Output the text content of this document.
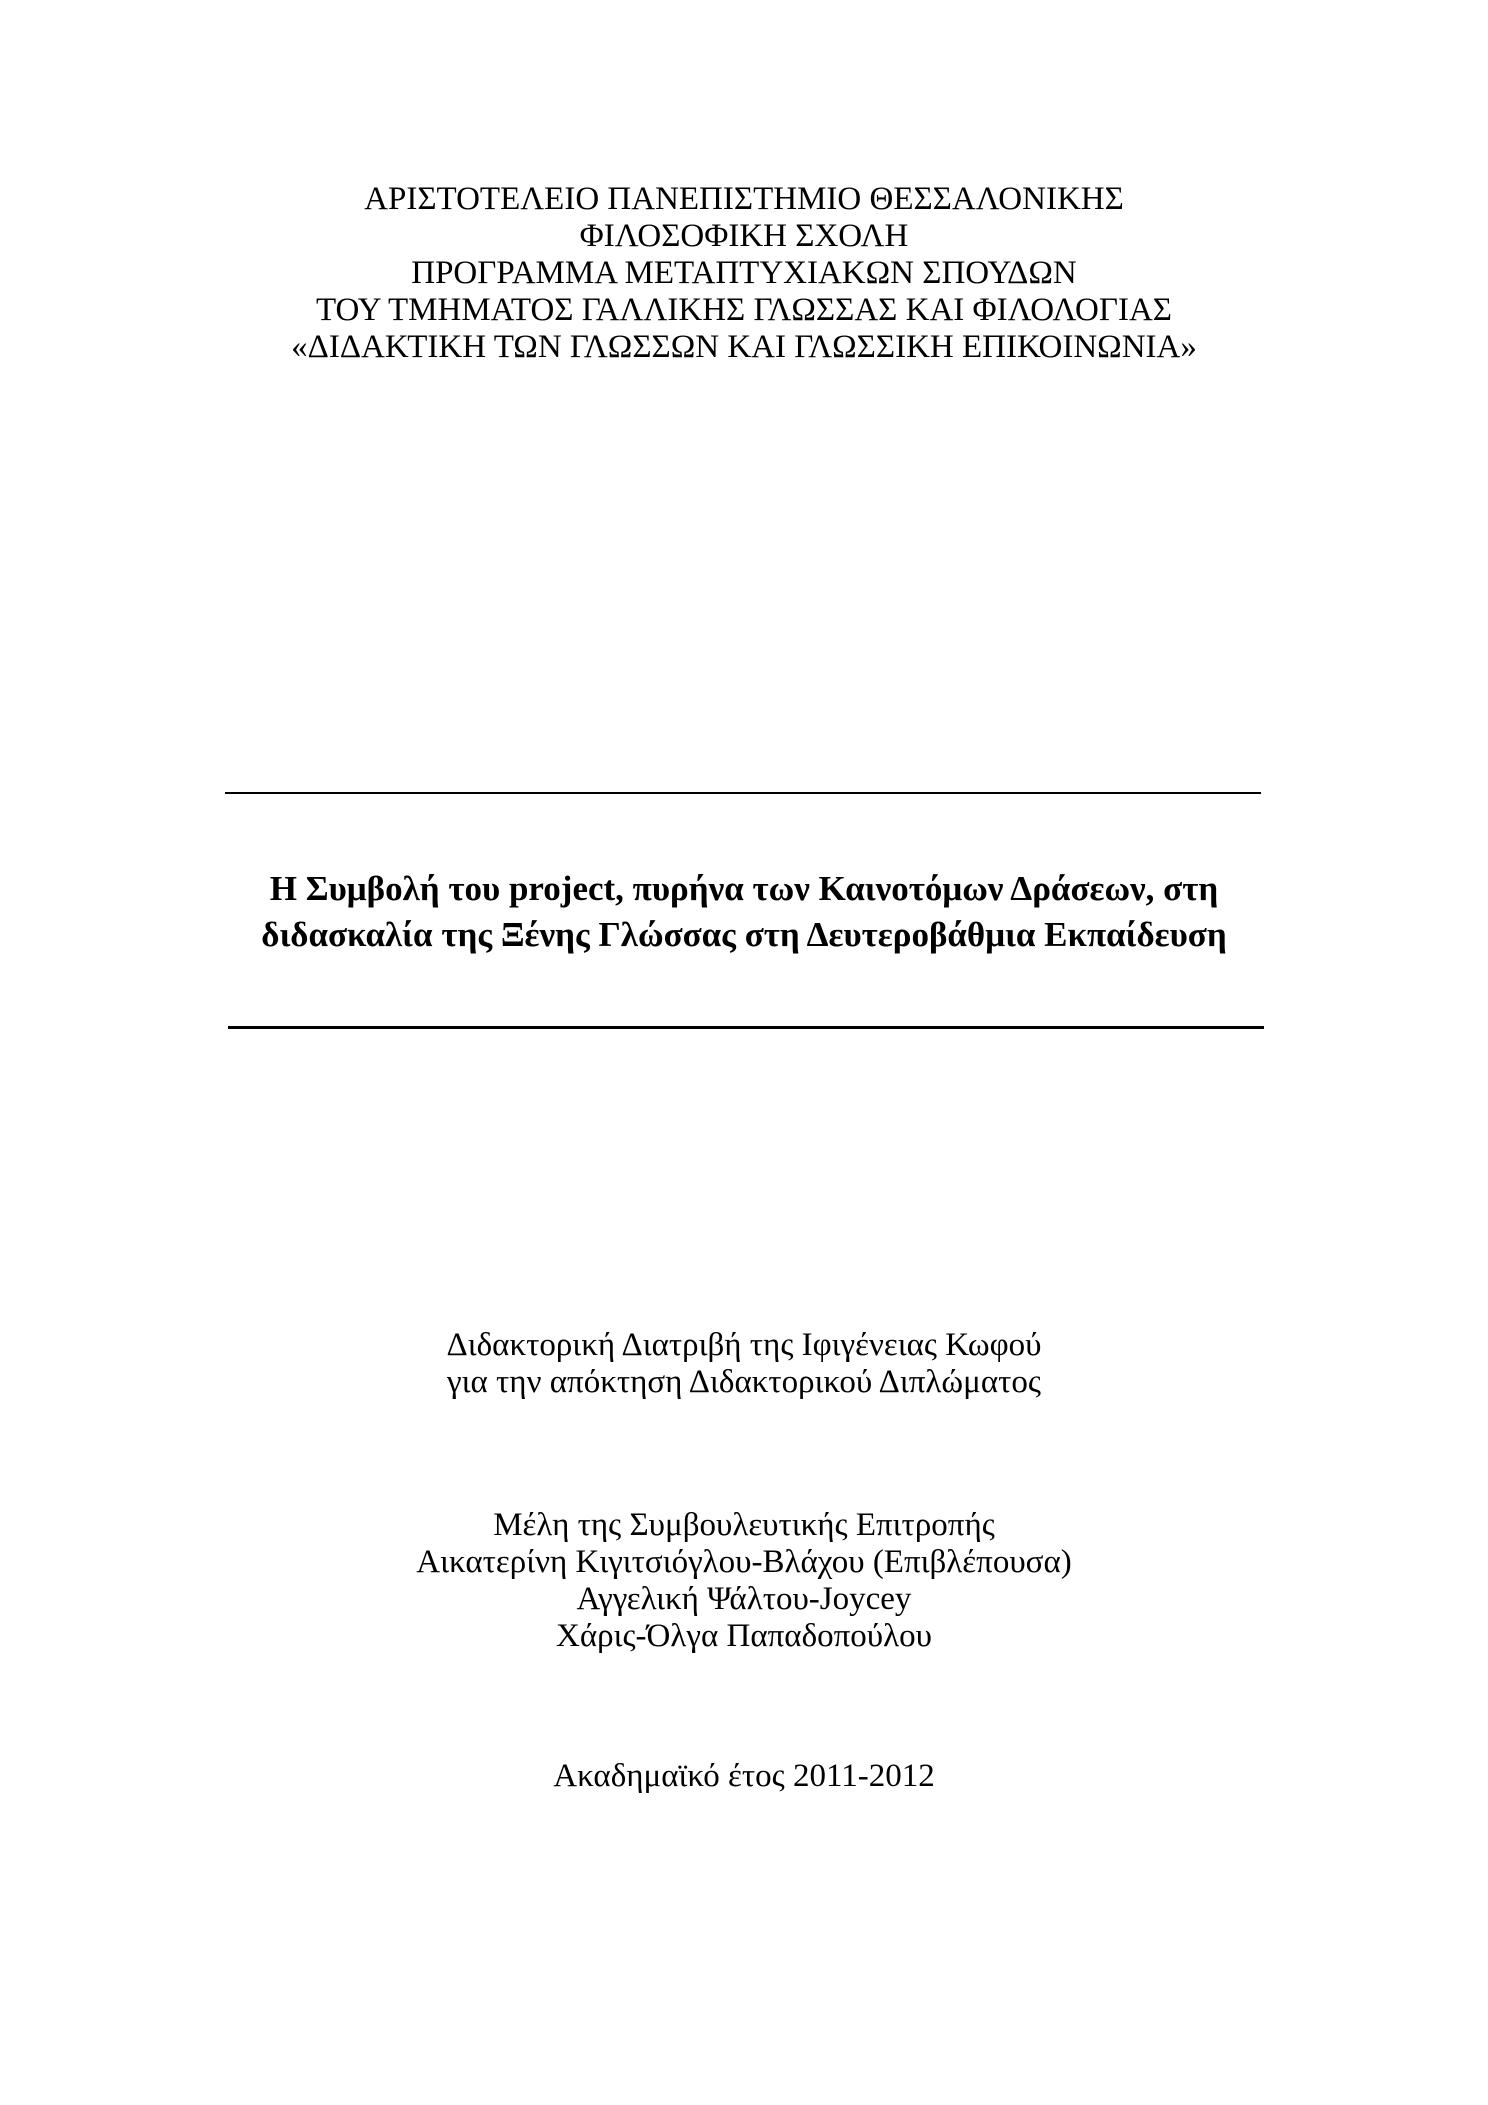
ΑΡΙΣΤΟΤΕΛΕΙΟ ΠΑΝΕΠΙΣΤΗΜΙΟ ΘΕΣΣΑΛΟΝΙΚΗΣ
ΦΙΛΟΣΟΦΙΚΗ ΣΧΟΛΗ
ΠΡΟΓΡΑΜΜΑ ΜΕΤΑΠΤΥΧΙΑΚΩΝ ΣΠΟΥΔΩΝ
ΤΟΥ ΤΜΗΜΑΤΟΣ ΓΑΛΛΙΚΗΣ ΓΛΩΣΣΑΣ ΚΑΙ ΦΙΛΟΛΟΓΙΑΣ
«ΔΙΔΑΚΤΙΚΗ ΤΩΝ ΓΛΩΣΣΩΝ ΚΑΙ ΓΛΩΣΣΙΚΗ ΕΠΙΚΟΙΝΩΝΙΑ»
Η Συμβολή του project, πυρήνα των Καινοτόμων Δράσεων, στη
διδασκαλία της Ξένης Γλώσσας στη Δευτεροβάθμια Εκπαίδευση
Διδακτορική Διατριβή της Ιφιγένειας Κωφού
για την απόκτηση Διδακτορικού Διπλώματος
Μέλη της Συμβουλευτικής Επιτροπής
Αικατερίνη Κιγιτσιόγλου-Βλάχου (Επιβλέπουσα)
Αγγελική Ψάλτου-Joycey
Χάρις-Όλγα Παπαδοπούλου
Ακαδημαϊκό έτος 2011-2012
